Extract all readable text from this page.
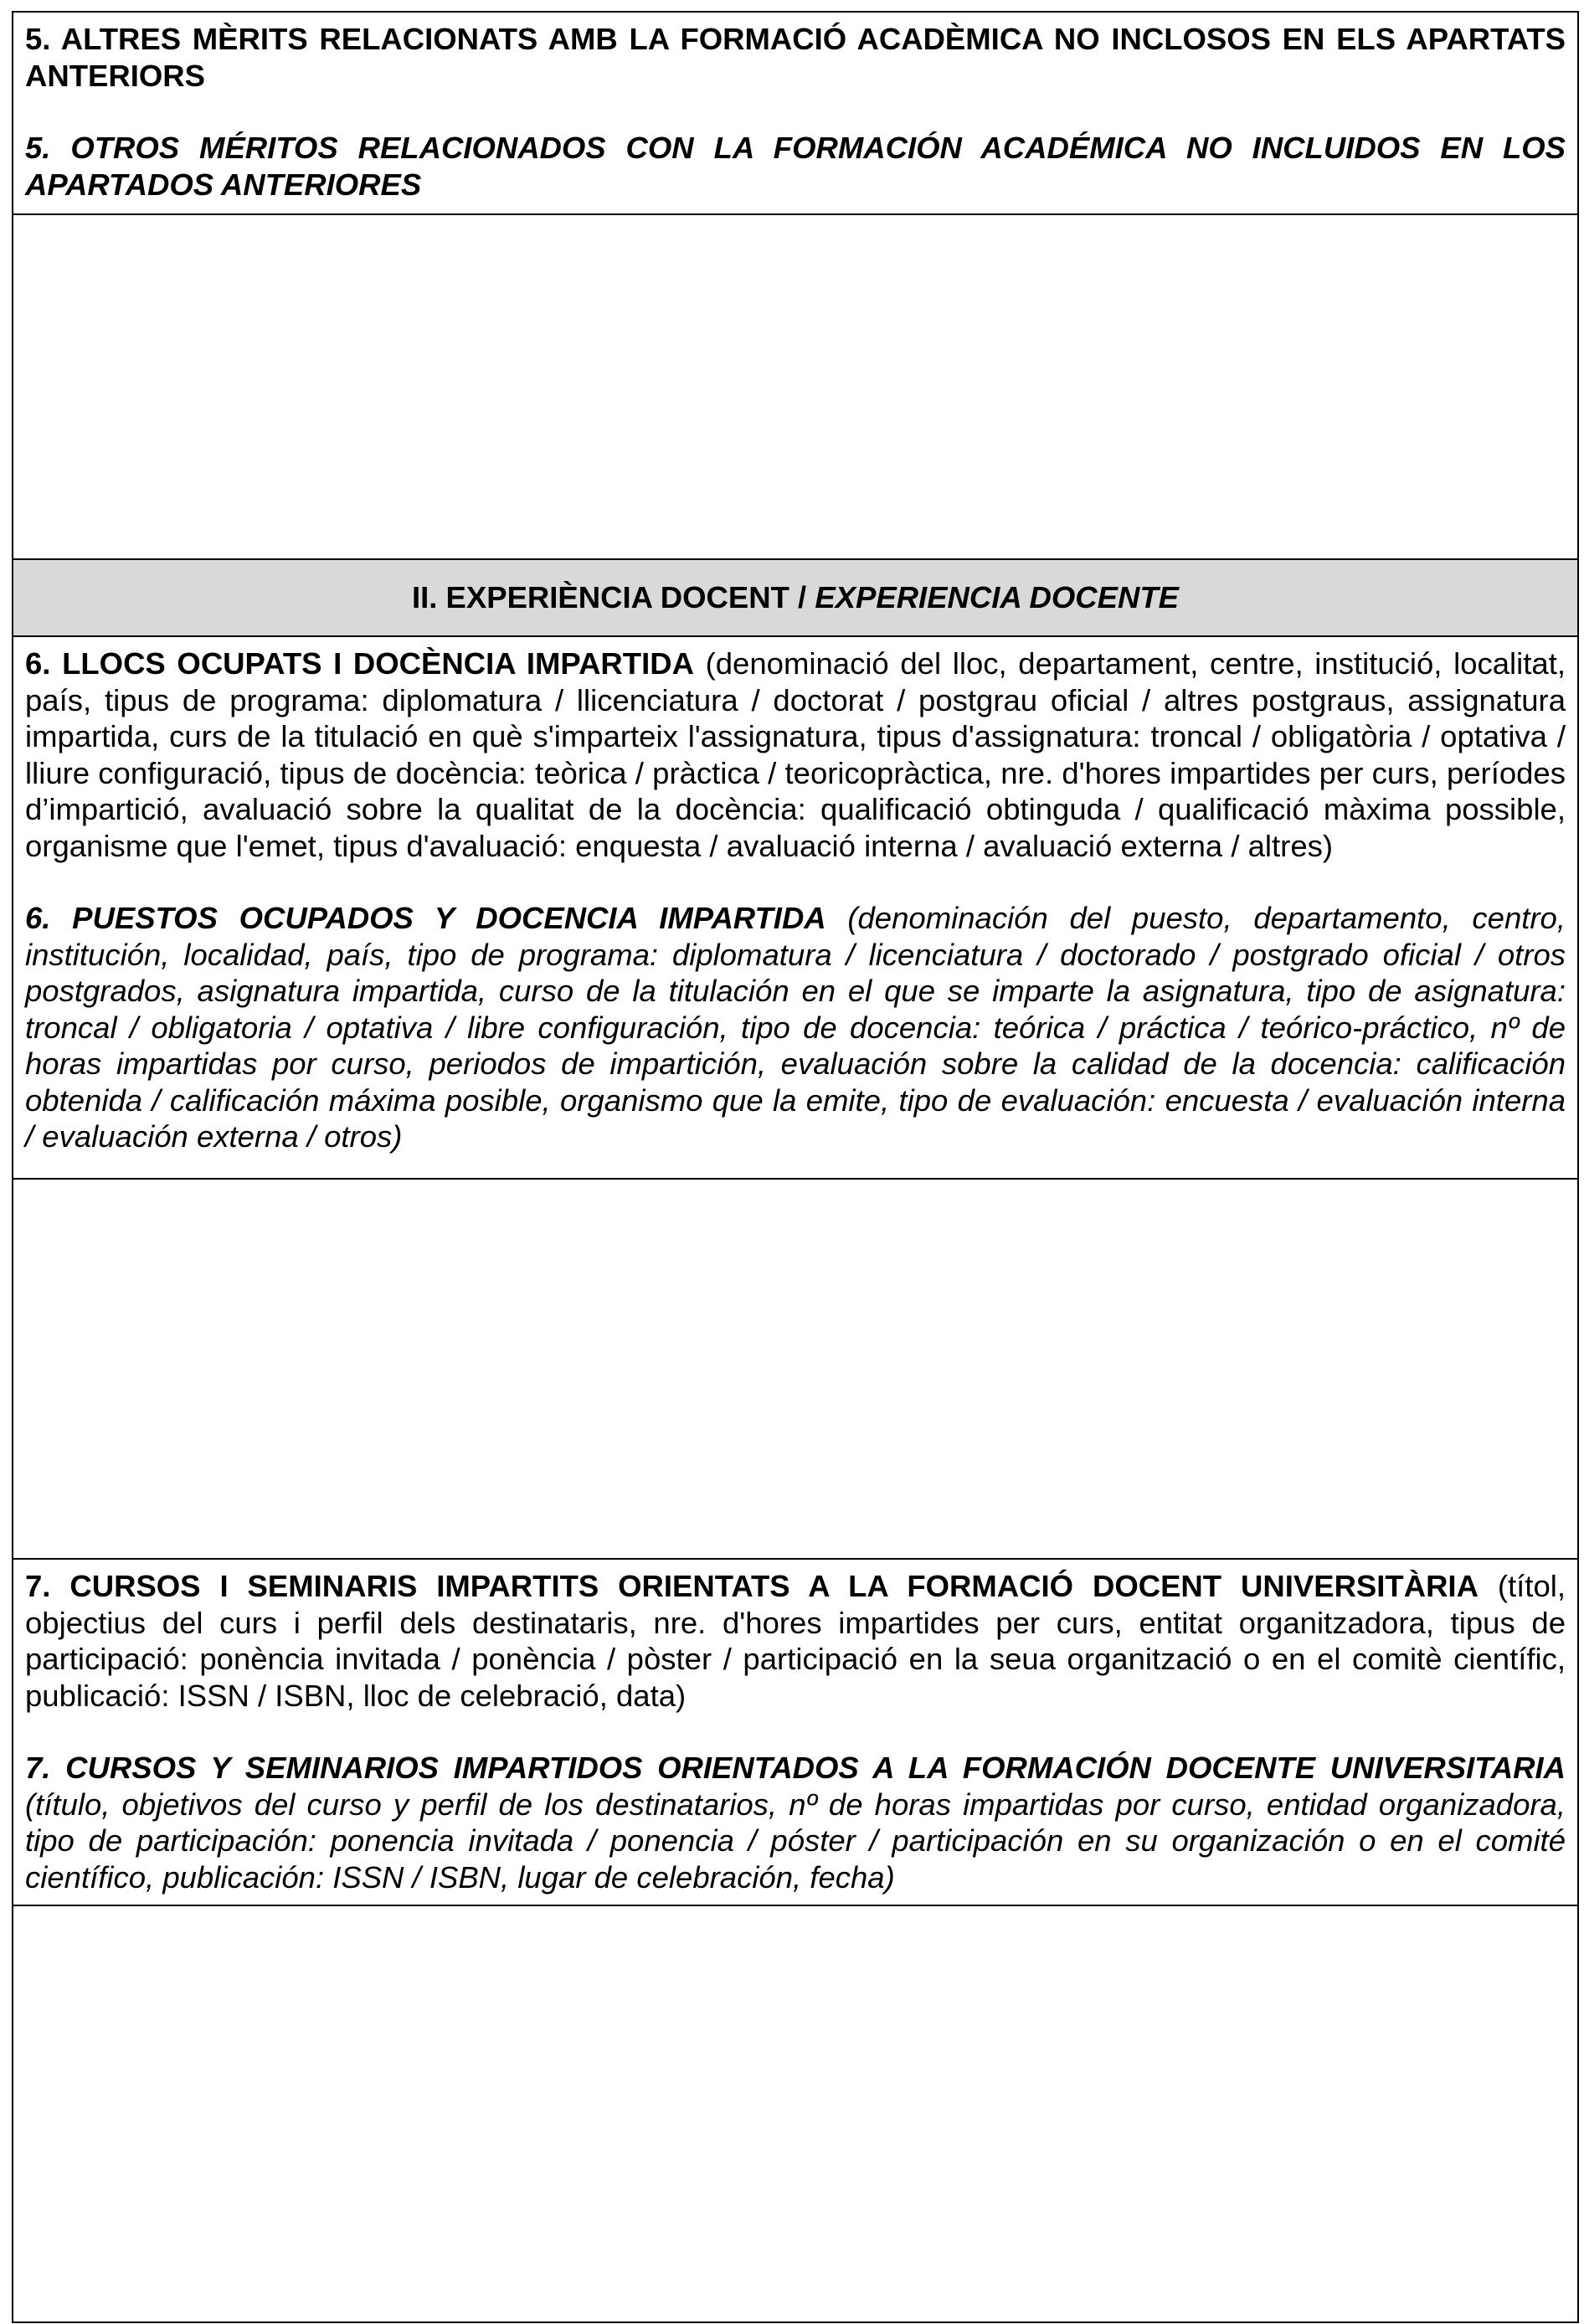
5. ALTRES MÈRITS RELACIONATS AMB LA FORMACIÓ ACADÈMICA NO INCLOSOS EN ELS APARTATS ANTERIORS

5. OTROS MÉRITOS RELACIONADOS CON LA FORMACIÓN ACADÉMICA NO INCLUIDOS EN LOS APARTADOS ANTERIORES

II. EXPERIÈNCIA DOCENT / EXPERIENCIA DOCENTE

6. LLOCS OCUPATS I DOCÈNCIA IMPARTIDA (denominació del lloc, departament, centre, institució, localitat, país, tipus de programa: diplomatura / llicenciatura / doctorat / postgrau oficial / altres postgraus, assignatura impartida, curs de la titulació en què s'imparteix l'assignatura, tipus d'assignatura: troncal / obligatòria / optativa / lliure configuració, tipus de docència: teòrica / pràctica / teoricopràctica, nre. d'hores impartides per curs, períodes d’impartició, avaluació sobre la qualitat de la docència: qualificació obtinguda / qualificació màxima possible, organisme que l'emet, tipus d'avaluació: enquesta / avaluació interna / avaluació externa / altres)

6. PUESTOS OCUPADOS Y DOCENCIA IMPARTIDA (denominación del puesto, departamento, centro, institución, localidad, país, tipo de programa: diplomatura / licenciatura / doctorado / postgrado oficial / otros postgrados, asignatura impartida, curso de la titulación en el que se imparte la asignatura, tipo de asignatura: troncal / obligatoria / optativa / libre configuración, tipo de docencia: teórica / práctica / teórico-práctico, nº de horas impartidas por curso, periodos de impartición, evaluación sobre la calidad de la docencia: calificación obtenida / calificación máxima posible, organismo que la emite, tipo de evaluación: encuesta / evaluación interna / evaluación externa / otros)

7. CURSOS I SEMINARIS IMPARTITS ORIENTATS A LA FORMACIÓ DOCENT UNIVERSITÀRIA (títol, objectius del curs i perfil dels destinataris, nre. d'hores impartides per curs, entitat organitzadora, tipus de participació: ponència invitada / ponència / pòster / participació en la seua organització o en el comitè científic, publicació: ISSN / ISBN, lloc de celebració, data)

7. CURSOS Y SEMINARIOS IMPARTIDOS ORIENTADOS A LA FORMACIÓN DOCENTE UNIVERSITARIA (título, objetivos del curso y perfil de los destinatarios, nº de horas impartidas por curso, entidad organizadora, tipo de participación: ponencia invitada / ponencia / póster / participación en su organización o en el comité científico, publicación: ISSN / ISBN, lugar de celebración, fecha)
